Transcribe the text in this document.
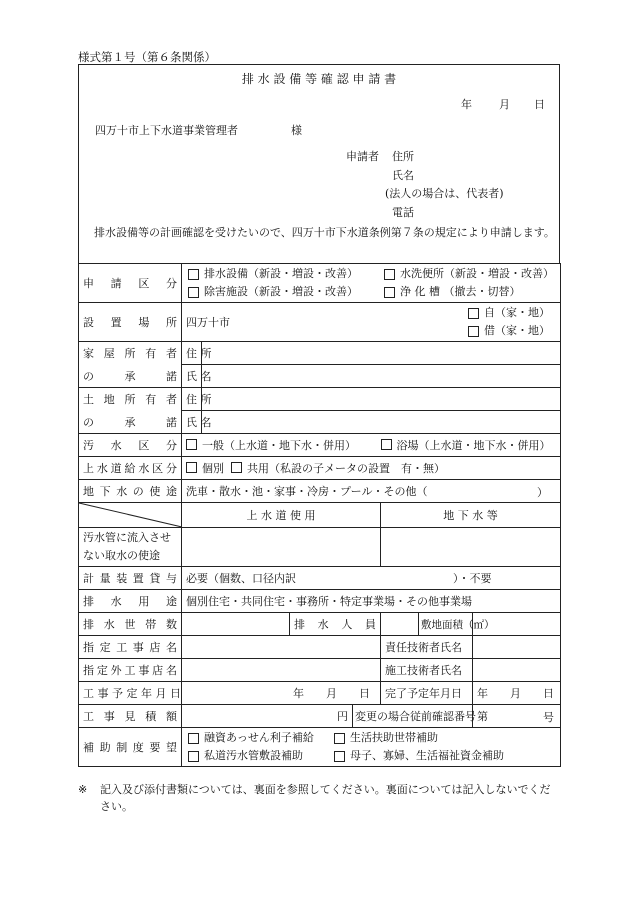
様式第１号（第６条関係）
排 水 設 備 等 確 認 申 請 書
年 月 日
四万十市上下水道事業管理者	様
申請者 住所
氏名
(法人の場合は、代表者)
電話
排水設備等の計画確認を受けたいので、四万十市下水道条例第７条の規定により申請します。
申 請 区 分	排水設備（新設・増設・改善） 水洗便所（新設・増設・改善）
除害施設（新設・増設・改善） 浄 化 槽 （撤去・切替）						

設 置 場 所	四万十市
自（家・地）
借（家・地）						

家 屋 所 有 者	住 所						
の 承 諾	氏 名						
土 地 所 有 者	住 所						
の 承 諾	氏 名						
汚 水 区 分	一般（上水道・地下水・併用） 浴場（上水道・地下水・併用）						
上水道給水区分	個別 共用（私設の子メータの設置　有・無）						
地 下 水 の 使 途	洗車・散水・池・家事・冷房・プール・その他（ ）						

	上 水 道 使 用				地 下 水 等		

汚水管に流入させ
ない取水の使途							

計 量 装 置 貸 与	必要（個数、口径内訳 ）・不要						
排 水 用 途	個別住宅・共同住宅・事務所・特定事業場・その他事業場						
排 水 世 帯 数			排 水 人 員			敷地面積（㎡）	
指 定 工 事 店 名					責任技術者氏名		
指定外工事店名					施工技術者氏名		
工 事 予 定 年 月 日	年　　月　　日				完了予定年月日		年　　月　　日
工 事 見 積 額	円			変更の場合従前確認番号			第 号

補 助 制 度 要 望	融資あっせん利子補給 生活扶助世帯補助
私道汚水管敷設補助 母子、寡婦、生活福祉資金補助						
※ 記入及び添付書類については、裏面を参照してください。裏面については記入しないでください。
